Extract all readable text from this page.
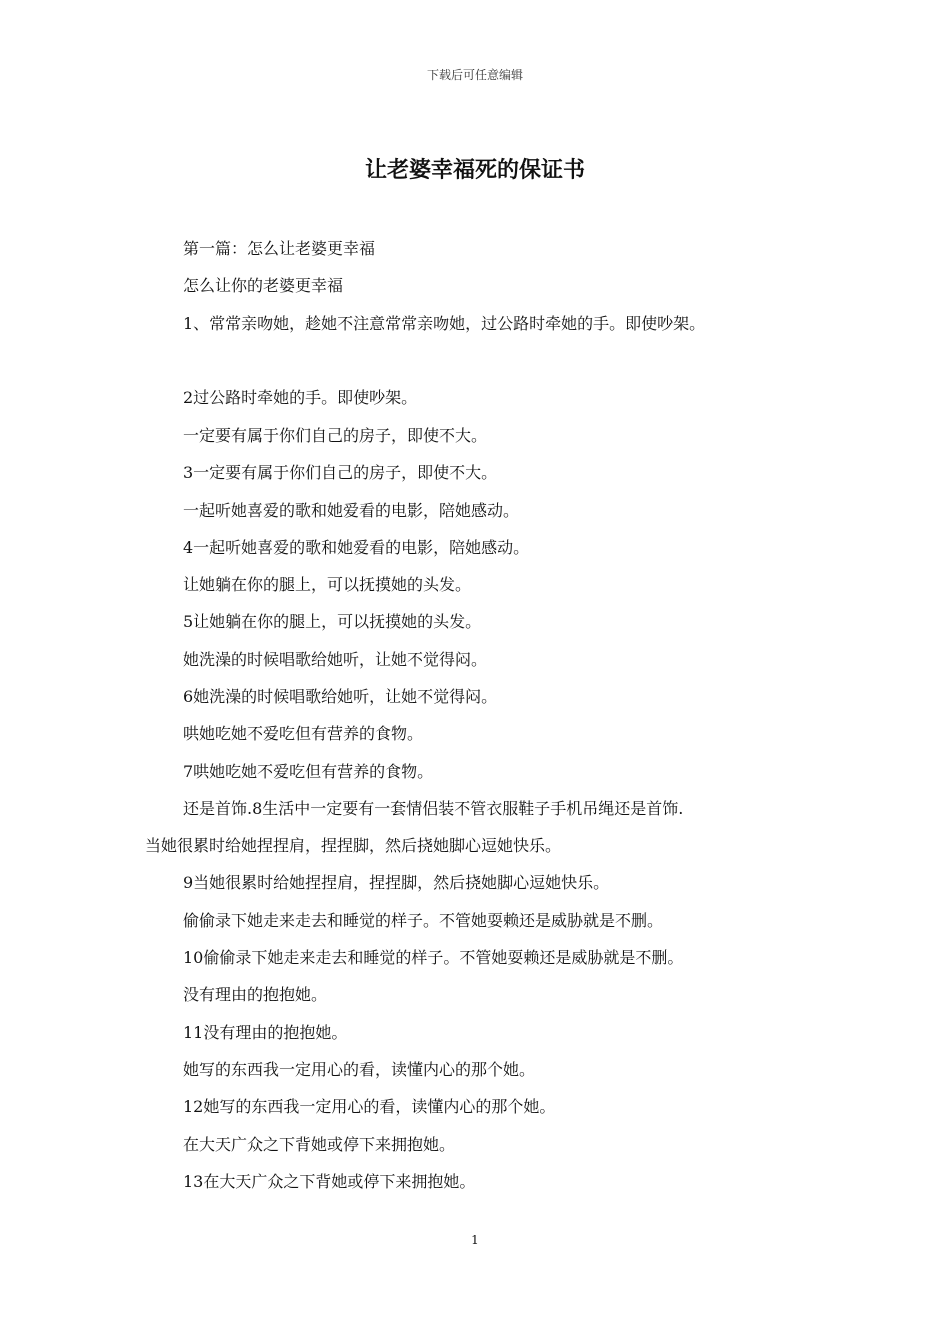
下载后可任意编辑
让老婆幸福死的保证书

第一篇：怎么让老婆更幸福

怎么让你的老婆更幸福

1、常常亲吻她，趁她不注意常常亲吻她，过公路时牵她的手。即使吵架。

2过公路时牵她的手。即使吵架。

一定要有属于你们自己的房子，即使不大。

3一定要有属于你们自己的房子，即使不大。

一起听她喜爱的歌和她爱看的电影，陪她感动。

4一起听她喜爱的歌和她爱看的电影，陪她感动。

让她躺在你的腿上，可以抚摸她的头发。

5让她躺在你的腿上，可以抚摸她的头发。

她洗澡的时候唱歌给她听，让她不觉得闷。

6她洗澡的时候唱歌给她听，让她不觉得闷。

哄她吃她不爱吃但有营养的食物。

7哄她吃她不爱吃但有营养的食物。

还是首饰.8生活中一定要有一套情侣装不管衣服鞋子手机吊绳还是首饰.

当她很累时给她捏捏肩，捏捏脚，然后挠她脚心逗她快乐。

9当她很累时给她捏捏肩，捏捏脚，然后挠她脚心逗她快乐。

偷偷录下她走来走去和睡觉的样子。不管她耍赖还是威胁就是不删。

10偷偷录下她走来走去和睡觉的样子。不管她耍赖还是威胁就是不删。

没有理由的抱抱她。

11没有理由的抱抱她。

她写的东西我一定用心的看，读懂内心的那个她。

12她写的东西我一定用心的看，读懂内心的那个她。

在大天广众之下背她或停下来拥抱她。

13在大天广众之下背她或停下来拥抱她。

1
